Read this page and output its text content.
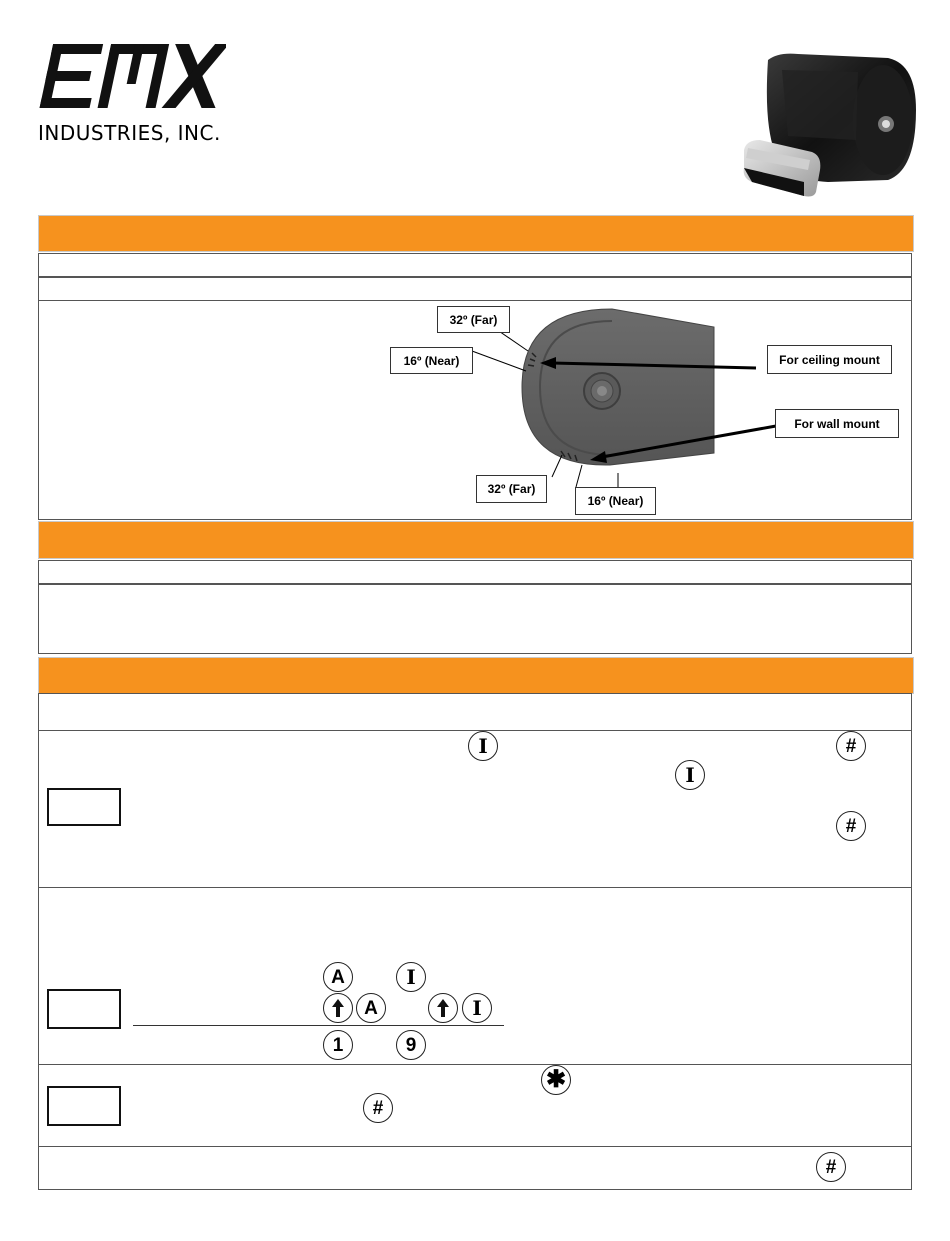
INDUSTRIES, INC.
32º (Far)
16º (Near)	For ceiling mount
For wall mount
32º (Far)
16º (Near)
I	#
I
#
A	I
A	I
1	9
✱
#
#
